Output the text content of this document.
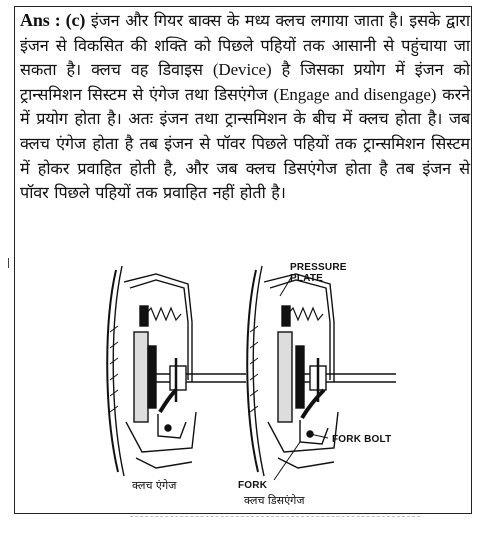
Ans : (c) इंजन और गियर बाक्स के मध्य क्लच लगाया जाता है। इसके द्वारा इंजन से विकसित की शक्ति को पिछले पहियों तक आसानी से पहुंचाया जा सकता है। क्लच वह डिवाइस (Device) है जिसका प्रयोग में इंजन को ट्रान्समिशन सिस्टम से एंगेज तथा डिसएंगेज (Engage and disengage) करने में प्रयोग होता है। अतः इंजन तथा ट्रान्समिशन के बीच में क्लच होता है। जब क्लच एंगेज होता है तब इंजन से पॉवर पिछले पहियों तक ट्रान्समिशन सिस्टम में होकर प्रवाहित होती है, और जब क्लच डिसएंगेज होता है तब इंजन से पॉवर पिछले पहियों तक प्रवाहित नहीं होती है।
PRESSURE
PLATE
FORK BOLT
FORK
क्लच एंगेज
क्लच डिसएंगेज
